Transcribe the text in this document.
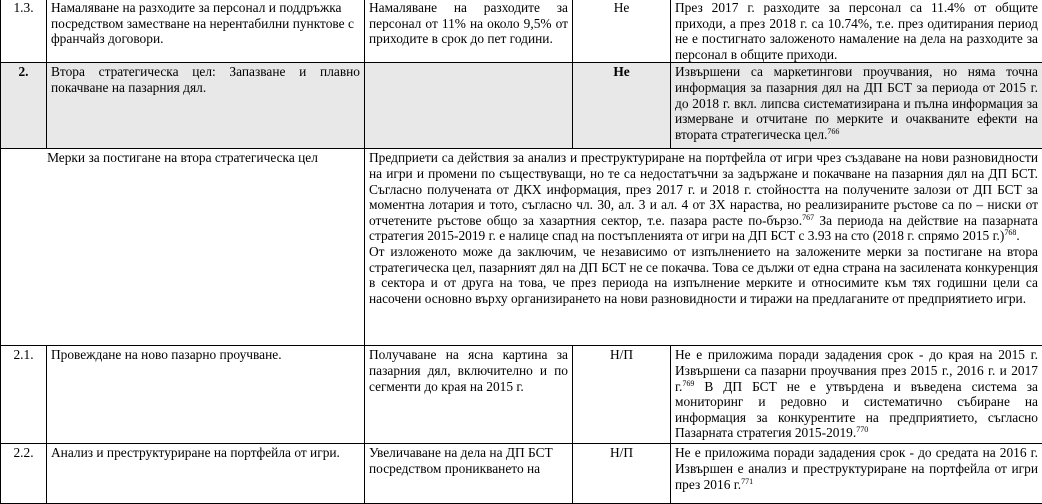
1.3.	Намаляване на разходите за персонал и поддръжка посредством заместване на нерентабилни пунктове с франчайз договори.	Намаляване на разходите за персонал от 11% на около 9,5% от приходите в срок до пет години.	Не	През 2017 г. разходите за персонал са 11.4% от общите приходи, а през 2018 г. са 10.74%, т.е. през одитирания период не е постигнато заложеното намаление на дела на разходите за персонал в общите приходи.
2.	Втора стратегическа цел: Запазване и плавно покачване на пазарния дял.		Не	Извършени са маркетингови проучвания, но няма точна информация за пазарния дял на ДП БСТ за периода от 2015 г. до 2018 г. вкл. липсва систематизирана и пълна информация за измерване и отчитане по мерките и очакваните ефекти на втората стратегическа цел.$^{766}$
Мерки за постигане на втора стратегическа цел		Предприети са действия за анализ и преструктуриране на портфейла от игри чрез създаване на нови разновидности на игри и промени по съществуващи, но те са недостатъчни за задържане и покачване на пазарния дял на ДП БСТ. Съгласно получената от ДКХ информация, през 2017 г. и 2018 г. стойността на получените залози от ДП БСТ за моментна лотария и тото, съгласно чл. 30, ал. 3 и ал. 4 от ЗХ нараства, но реализираните ръстове са по – ниски от отчетените ръстове общо за хазартния сектор, т.е. пазара расте по-бързо.$^{767}$ За периода на действие на пазарната стратегия 2015-2019 г. е налице спад на постъпленията от игри на ДП БСТ с 3.93 на сто (2018 г. спрямо 2015 г.)$^{768}$.

От изложеното може да заключим, че независимо от изпълнението на заложените мерки за постигане на втора стратегическа цел, пазарният дял на ДП БСТ не се покачва. Това се дължи от една страна на засилената конкуренция в сектора и от друга на това, че през периода на изпълнение мерките и относимите към тях годишни цели са насочени основно върху организирането на нови разновидности и тиражи на предлаганите от предприятието игри.		

2.1.	Провеждане на ново пазарно проучване.	Получаване на ясна картина за пазарния дял, включително и по сегменти до края на 2015 г.	Н/П	Не е приложима поради зададения срок - до края на 2015 г. Извършени са пазарни проучвания през 2015 г., 2016 г. и 2017 г.$^{769}$ В ДП БСТ не е утвърдена и въведена система за мониторинг и редовно и систематично събиране на информация за конкурентите на предприятието, съгласно Пазарната стратегия 2015-2019.$^{770}$
2.2.	Анализ и преструктуриране на портфейла от игри.	Увеличаване на дела на ДП БСТ посредством проникването на	Н/П	Не е приложима поради зададения срок - до средата на 2016 г. Извършен е анализ и преструктуриране на портфейла от игри през 2016 г.$^{771}$
